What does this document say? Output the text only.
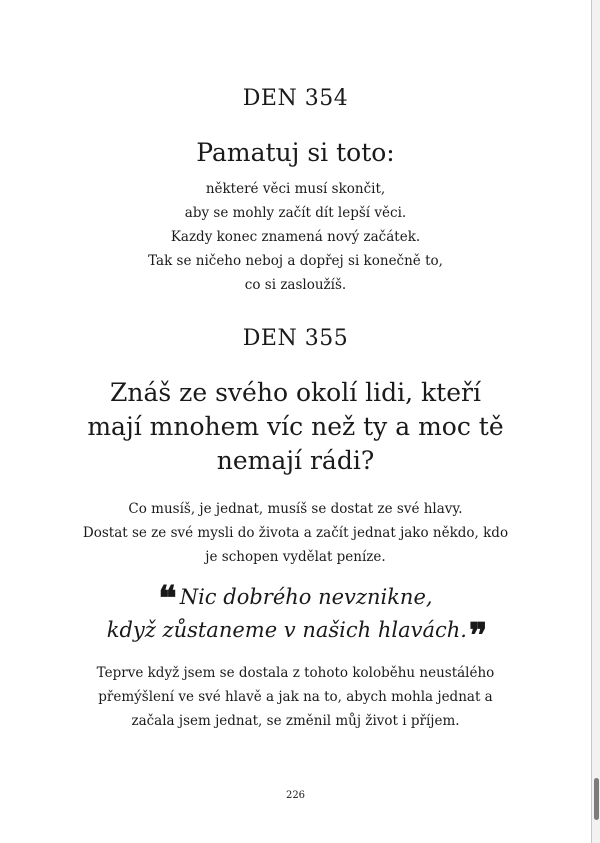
DEN 354
Pamatuj si toto:
některé věci musí skončit,
aby se mohly začít dít lepší věci.
Kazdy konec znamená nový začátek.
Tak se ničeho neboj a dopřej si konečně to,
co si zasloužíš.
DEN 355
Znáš ze svého okolí lidi, kteří
mají mnohem víc než ty a moc tě
nemají rádi?
Co musíš, je jednat, musíš se dostat ze své hlavy.
Dostat se ze své mysli do života a začít jednat jako někdo, kdo
je schopen vydělat peníze.
❝ Nic dobrého nevznikne,
když zůstaneme v našich hlavách.❞
Teprve když jsem se dostala z tohoto koloběhu neustálého
přemýšlení ve své hlavě a jak na to, abych mohla jednat a
začala jsem jednat, se změnil můj život i příjem.
226
